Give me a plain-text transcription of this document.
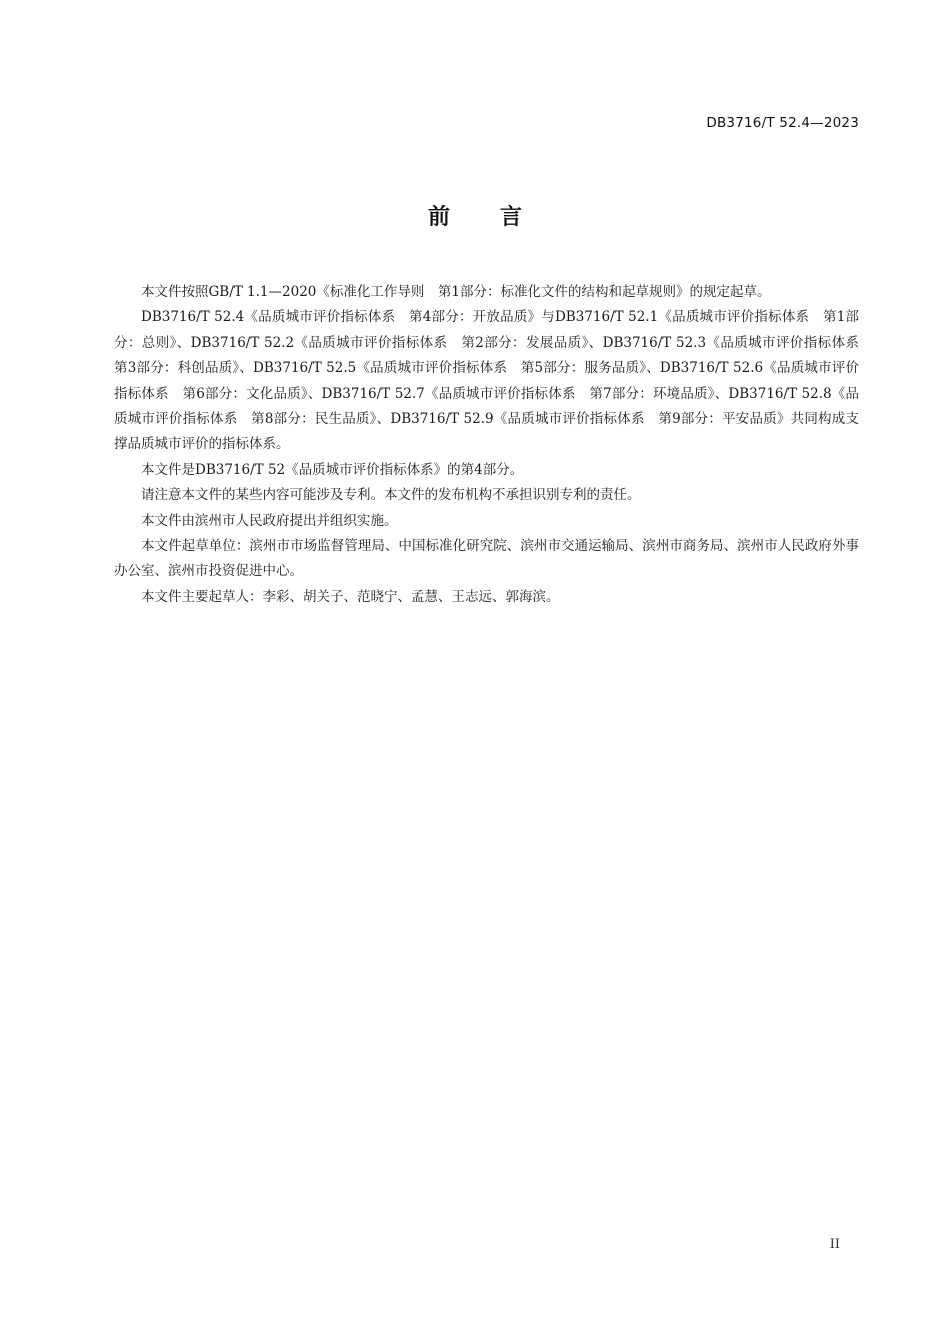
DB3716/T 52.4—2023
前言

本文件按照GB/T 1.1—2020《标准化工作导则　第1部分：标准化文件的结构和起草规则》的规定起草。

DB3716/T 52.4《品质城市评价指标体系　第4部分：开放品质》与DB3716/T 52.1《品质城市评价指标体系　第1部分：总则》、DB3716/T 52.2《品质城市评价指标体系　第2部分：发展品质》、DB3716/T 52.3《品质城市评价指标体系　第3部分：科创品质》、DB3716/T 52.5《品质城市评价指标体系　第5部分：服务品质》、DB3716/T 52.6《品质城市评价指标体系　第6部分：文化品质》、DB3716/T 52.7《品质城市评价指标体系　第7部分：环境品质》、DB3716/T 52.8《品质城市评价指标体系　第8部分：民生品质》、DB3716/T 52.9《品质城市评价指标体系　第9部分：平安品质》共同构成支撑品质城市评价的指标体系。

本文件是DB3716/T 52《品质城市评价指标体系》的第4部分。

请注意本文件的某些内容可能涉及专利。本文件的发布机构不承担识别专利的责任。

本文件由滨州市人民政府提出并组织实施。

本文件起草单位：滨州市市场监督管理局、中国标准化研究院、滨州市交通运输局、滨州市商务局、滨州市人民政府外事办公室、滨州市投资促进中心。

本文件主要起草人：李彩、胡关子、范晓宁、孟慧、王志远、郭海滨。

II
